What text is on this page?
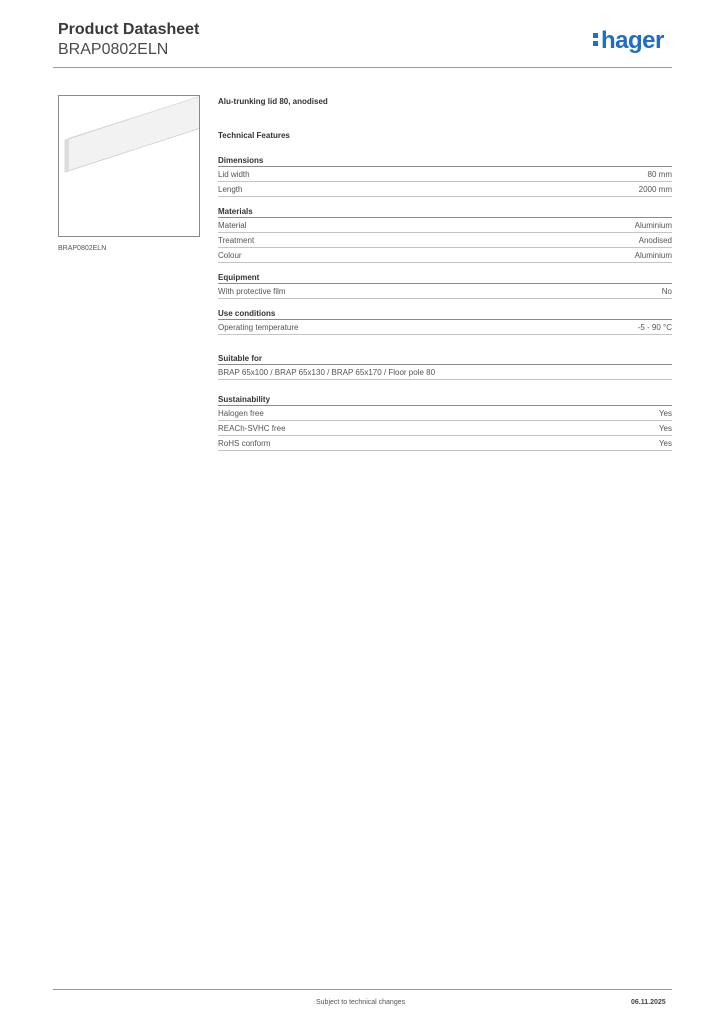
Product Datasheet
BRAP0802ELN	hager
BRAP0802ELN
Alu-trunking lid 80, anodised
Technical Features
Dimensions
Lid width	80 mm
Length	2000 mm
Materials
Material	Aluminium
Treatment	Anodised
Colour	Aluminium
Equipment
With protective film	No
Use conditions
Operating temperature	-5 - 90 °C
Suitable for
BRAP 65x100 / BRAP 65x130 / BRAP 65x170 / Floor pole 80
Sustainability
Halogen free	Yes
REACh-SVHC free	Yes
RoHS conform	Yes
Subject to technical changes	06.11.2025
